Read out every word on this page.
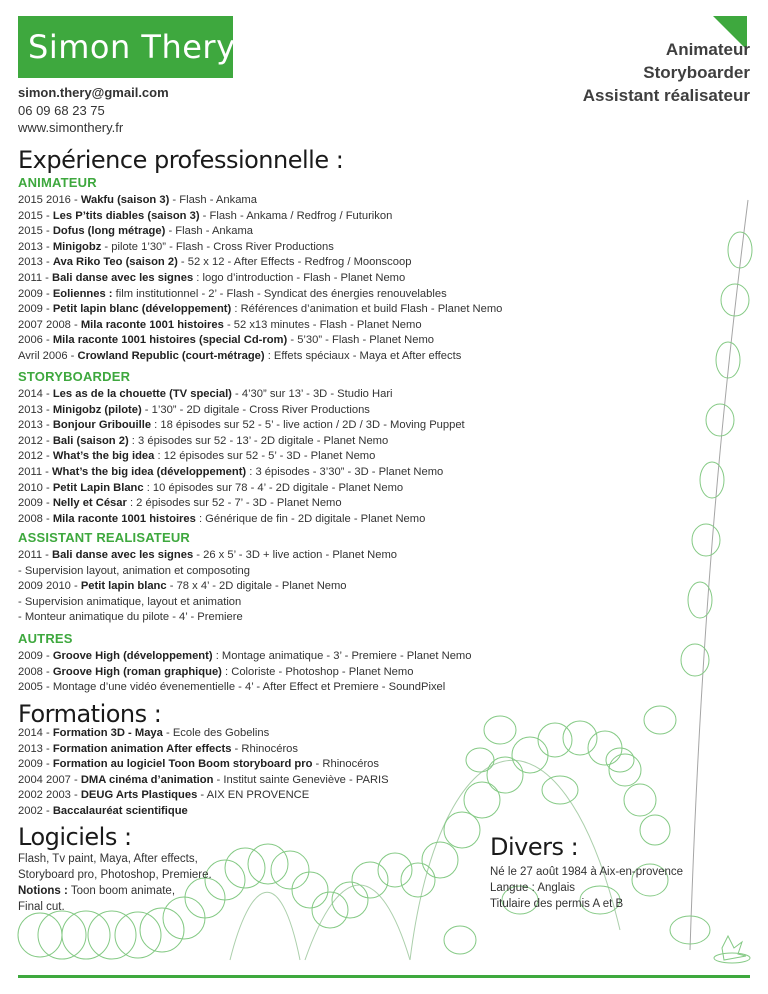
Simon Thery
simon.thery@gmail.com
06 09 68 23 75
www.simonthery.fr
Animateur
Storyboarder
Assistant réalisateur
Expérience professionnelle :
ANIMATEUR
2015 2016 - Wakfu (saison 3) - Flash - Ankama
2015 - Les P’tits diables (saison 3) - Flash - Ankama / Redfrog / Futurikon
2015 - Dofus (long métrage) - Flash - Ankama
2013 - Minigobz - pilote 1’30” - Flash - Cross River Productions
2013 - Ava Riko Teo (saison 2) - 52 x 12 - After Effects - Redfrog / Moonscoop
2011 - Bali danse avec les signes : logo d’introduction - Flash - Planet Nemo
2009 - Eoliennes : film institutionnel - 2’ - Flash - Syndicat des énergies renouvelables
2009 - Petit lapin blanc (développement) : Références d’animation et build Flash - Planet Nemo
2007 2008 - Mila raconte 1001 histoires - 52 x13 minutes - Flash - Planet Nemo
2006 - Mila raconte 1001 histoires (special Cd-rom) - 5’30” - Flash - Planet Nemo
Avril 2006 - Crowland Republic (court-métrage) : Effets spéciaux - Maya et After effects
STORYBOARDER
2014 - Les as de la chouette (TV special) - 4’30” sur 13’ - 3D - Studio Hari
2013 - Minigobz (pilote) - 1’30” - 2D digitale - Cross River Productions
2013 - Bonjour Gribouille : 18 épisodes sur 52 - 5’ - live action / 2D / 3D - Moving Puppet
2012 - Bali (saison 2) : 3 épisodes sur 52 - 13’ - 2D digitale - Planet Nemo
2012 - What’s the big idea : 12 épisodes sur 52 - 5’ - 3D - Planet Nemo
2011 - What’s the big idea (développement) : 3 épisodes - 3’30” - 3D - Planet Nemo
2010 - Petit Lapin Blanc : 10 épisodes sur 78 - 4’ - 2D digitale - Planet Nemo
2009 - Nelly et César : 2 épisodes sur 52 - 7’ - 3D - Planet Nemo
2008 - Mila raconte 1001 histoires : Générique de fin - 2D digitale - Planet Nemo
ASSISTANT REALISATEUR
2011 - Bali danse avec les signes - 26 x 5’ - 3D + live action - Planet Nemo
- Supervision layout, animation et composoting
2009 2010 - Petit lapin blanc - 78 x 4’ - 2D digitale - Planet Nemo
- Supervision animatique, layout et animation
- Monteur animatique du pilote - 4’ - Premiere
AUTRES
2009 - Groove High (développement) : Montage animatique - 3’ - Premiere - Planet Nemo
2008 - Groove High (roman graphique) : Coloriste - Photoshop - Planet Nemo
2005 - Montage d’une vidéo évenementielle - 4’ - After Effect et Premiere - SoundPixel
Formations :
2014 - Formation 3D - Maya - Ecole des Gobelins
2013 - Formation animation After effects - Rhinocéros
2009 - Formation au logiciel Toon Boom storyboard pro - Rhinocéros
2004 2007 - DMA cinéma d’animation - Institut sainte Geneviève - PARIS
2002 2003 - DEUG Arts Plastiques - AIX EN PROVENCE
2002 - Baccalauréat scientifique
Logiciels :
Flash, Tv paint, Maya, After effects,
Storyboard pro, Photoshop, Premiere.
Notions : Toon boom animate,
Final cut.
Divers :
Né le 27 août 1984 à Aix-en-provence
Langue : Anglais
Titulaire des permis A et B
